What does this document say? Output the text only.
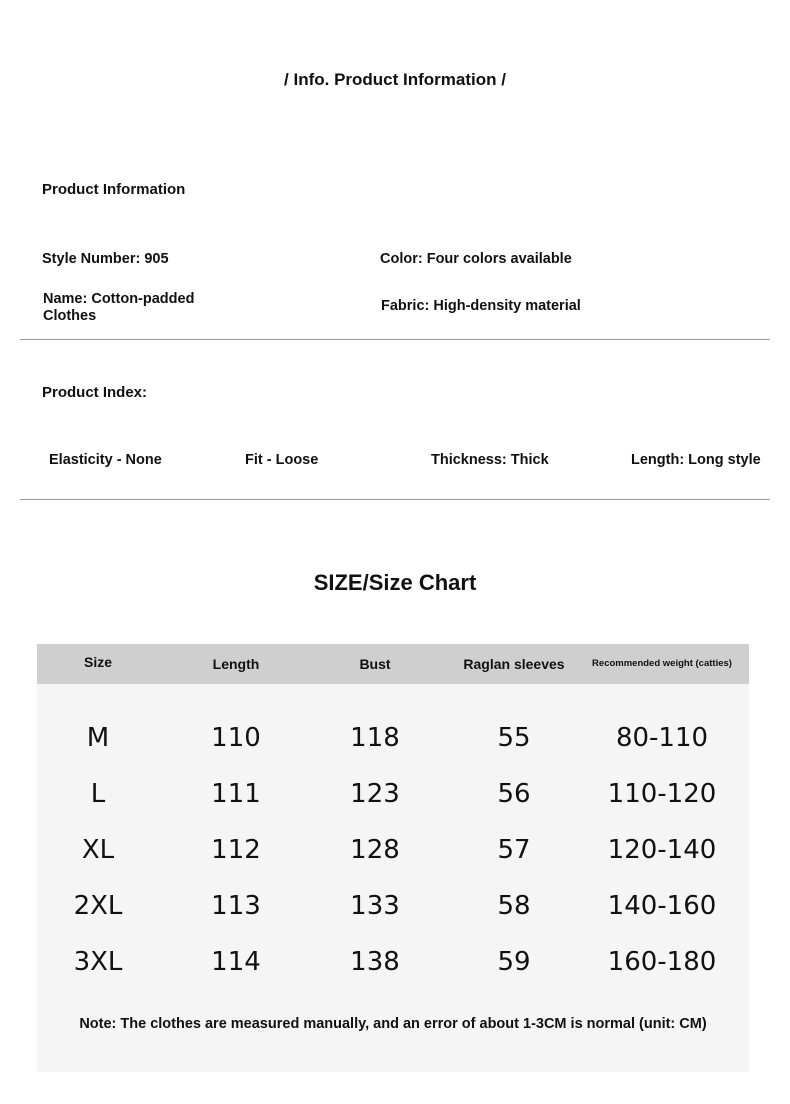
/ Info. Product Information /
Product Information
Style Number: 905	Color: Four colors available
Name: Cotton-padded
Clothes
Fabric: High-density material
Product Index:
Elasticity - None	Fit - Loose	Thickness: Thick	Length: Long style
SIZE/Size Chart
Size	Length	Bust	Raglan sleeves	Recommended weight (catties)
M	110	118	55	80-110
L	111	123	56	110-120
XL	112	128	57	120-140
2XL	113	133	58	140-160
3XL	114	138	59	160-180
Note: The clothes are measured manually, and an error of about 1-3CM is normal (unit: CM)
